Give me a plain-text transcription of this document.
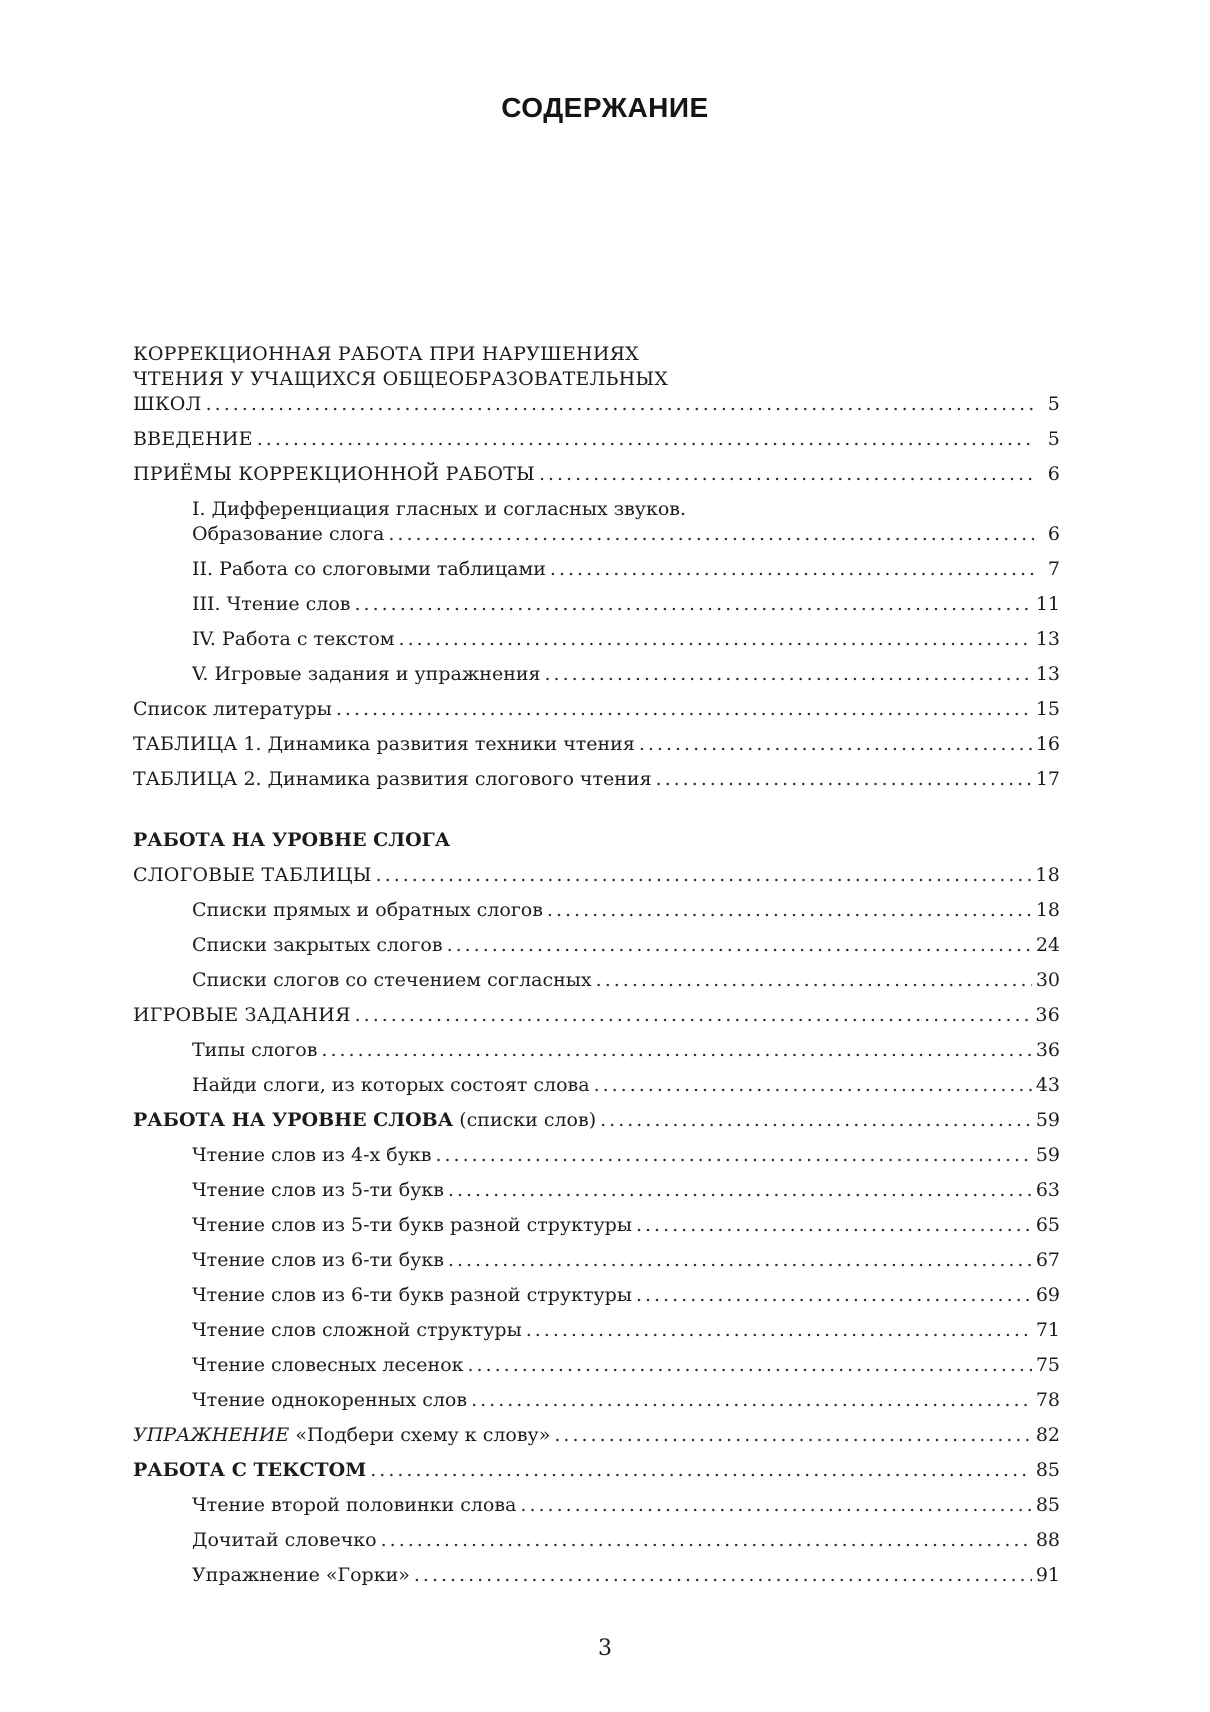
СОДЕРЖАНИЕ
КОРРЕКЦИОННАЯ РАБОТА ПРИ НАРУШЕНИЯХ
ЧТЕНИЯ У УЧАЩИХСЯ ОБЩЕОБРАЗОВАТЕЛЬНЫХ
ШКОЛ .....	5
ВВЕДЕНИЕ .....	5
ПРИЁМЫ КОРРЕКЦИОННОЙ РАБОТЫ .....	6
I. Дифференциация гласных и согласных звуков.
Образование слога .....	6
II. Работа со слоговыми таблицами .....	7
III. Чтение слов .....	11
IV. Работа с текстом .....	13
V. Игровые задания и упражнения .....	13
Список литературы .....	15
ТАБЛИЦА 1. Динамика развития техники чтения .....	16
ТАБЛИЦА 2. Динамика развития слогового чтения .....	17
РАБОТА НА УРОВНЕ СЛОГА
СЛОГОВЫЕ ТАБЛИЦЫ .....	18
Списки прямых и обратных слогов .....	18
Списки закрытых слогов .....	24
Списки слогов со стечением согласных .....	30
ИГРОВЫЕ ЗАДАНИЯ .....	36
Типы слогов .....	36
Найди слоги, из которых состоят слова .....	43
РАБОТА НА УРОВНЕ СЛОВА (списки слов) .....	59
Чтение слов из 4-х букв .....	59
Чтение слов из 5-ти букв .....	63
Чтение слов из 5-ти букв разной структуры .....	65
Чтение слов из 6-ти букв .....	67
Чтение слов из 6-ти букв разной структуры .....	69
Чтение слов сложной структуры .....	71
Чтение словесных лесенок .....	75
Чтение однокоренных слов .....	78
УПРАЖНЕНИЕ «Подбери схему к слову» .....	82
РАБОТА С ТЕКСТОМ .....	85
Чтение второй половинки слова .....	85
Дочитай словечко .....	88
Упражнение «Горки» .....	91
3
